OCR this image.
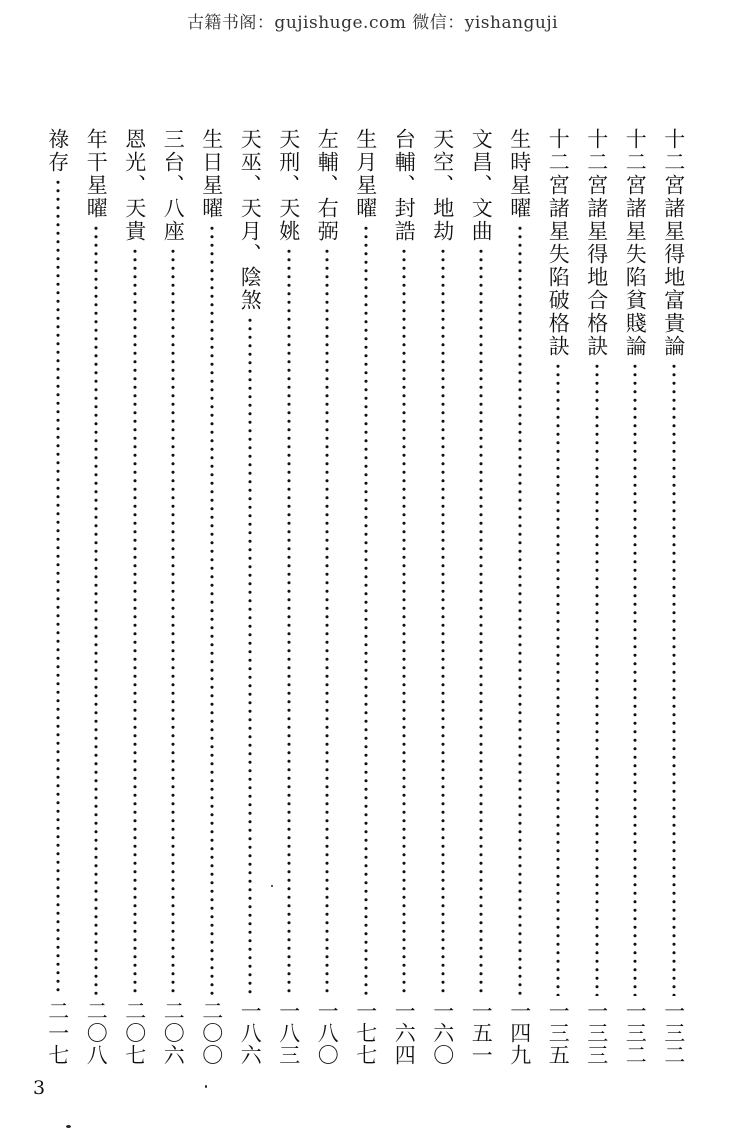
古籍书阁：gujishuge.com 微信：yishanguji
十二宮諸星得地富貴論
一三二
十二宮諸星失陷貧賤論
一三二
十二宮諸星得地合格訣
一三三
十二宮諸星失陷破格訣
一三五
生時星曜
一四九
文昌、文曲
一五一
天空、地劫
一六〇
台輔、封誥
一六四
生月星曜
一七七
左輔、右弼
一八〇
天刑、天姚
一八三
天巫、天月、陰煞
一八六
生日星曜
二〇〇
三台、八座
二〇六
恩光、天貴
二〇七
年干星曜
二〇八
祿存
二一七
3
